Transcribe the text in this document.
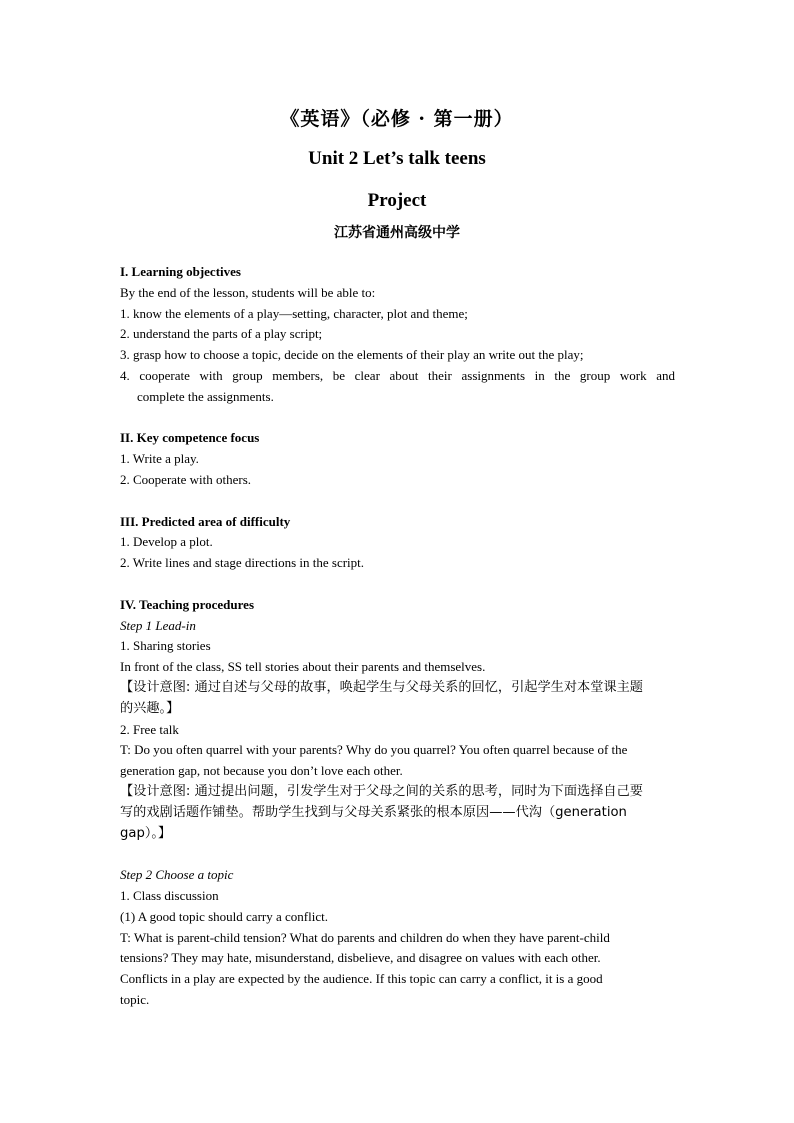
《英语》（必修 · 第一册）
Unit 2 Let’s talk teens
Project
江苏省通州高级中学

I. Learning objectives

By the end of the lesson, students will be able to:

1. know the elements of a play—setting, character, plot and theme;

2. understand the parts of a play script;

3. grasp how to choose a topic, decide on the elements of their play an write out the play;

4. cooperate with group members, be clear about their assignments in the group work and

complete the assignments.

II. Key competence focus

1. Write a play.

2. Cooperate with others.

III. Predicted area of difficulty

1. Develop a plot.

2. Write lines and stage directions in the script.

IV. Teaching procedures

Step 1 Lead-in

1. Sharing stories

In front of the class, SS tell stories about their parents and themselves.

【设计意图: 通过自述与父母的故事，唤起学生与父母关系的回忆，引起学生对本堂课主题

的兴趣。】

2. Free talk

T: Do you often quarrel with your parents? Why do you quarrel? You often quarrel because of the

generation gap, not because you don’t love each other.

【设计意图: 通过提出问题，引发学生对于父母之间的关系的思考，同时为下面选择自己要

写的戏剧话题作铺垫。帮助学生找到与父母关系紧张的根本原因——代沟（generation

gap）。】

Step 2 Choose a topic

1. Class discussion

(1) A good topic should carry a conflict.

T: What is parent-child tension? What do parents and children do when they have parent-child

tensions? They may hate, misunderstand, disbelieve, and disagree on values with each other.

Conflicts in a play are expected by the audience. If this topic can carry a conflict, it is a good

topic.
